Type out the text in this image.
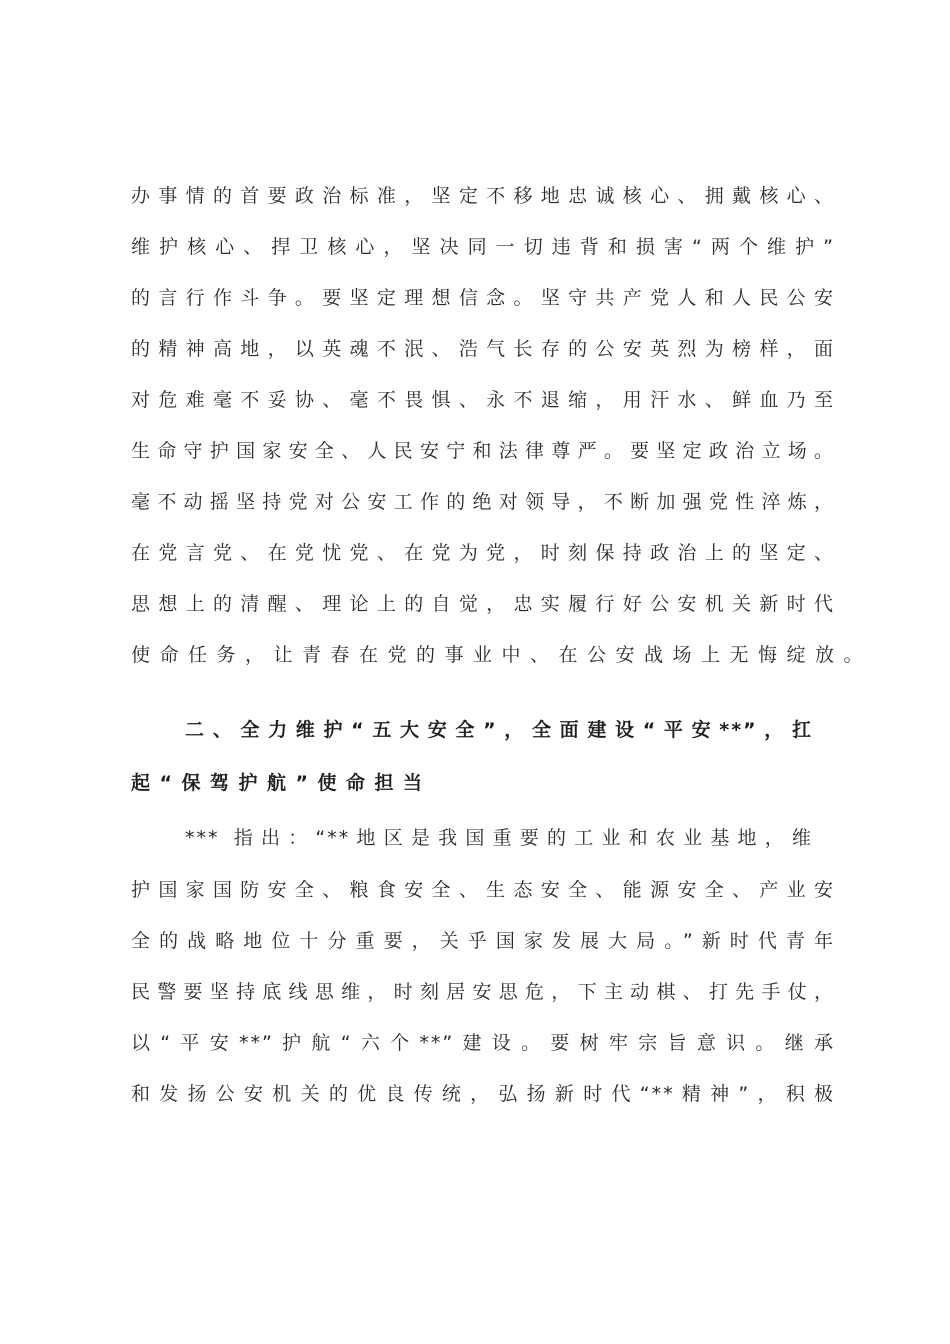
办事情的首要政治标准，坚定不移地忠诚核心、拥戴核心、
维护核心、捍卫核心，坚决同一切违背和损害“两个维护”
的言行作斗争。要坚定理想信念。坚守共产党人和人民公安
的精神高地，以英魂不泯、浩气长存的公安英烈为榜样，面
对危难毫不妥协、毫不畏惧、永不退缩，用汗水、鲜血乃至
生命守护国家安全、人民安宁和法律尊严。要坚定政治立场。
毫不动摇坚持党对公安工作的绝对领导，不断加强党性淬炼，
在党言党、在党忧党、在党为党，时刻保持政治上的坚定、
思想上的清醒、理论上的自觉，忠实履行好公安机关新时代
使命任务，让青春在党的事业中、在公安战场上无悔绽放。
二、全力维护“五大安全”，全面建设“平安**”，扛
起“保驾护航”使命担当
*** 指出：“**地区是我国重要的工业和农业基地，维
护国家国防安全、粮食安全、生态安全、能源安全、产业安
全的战略地位十分重要，关乎国家发展大局。”新时代青年
民警要坚持底线思维，时刻居安思危，下主动棋、打先手仗，
以“平安**”护航“六个**”建设。要树牢宗旨意识。继承
和发扬公安机关的优良传统，弘扬新时代“**精神”，积极
